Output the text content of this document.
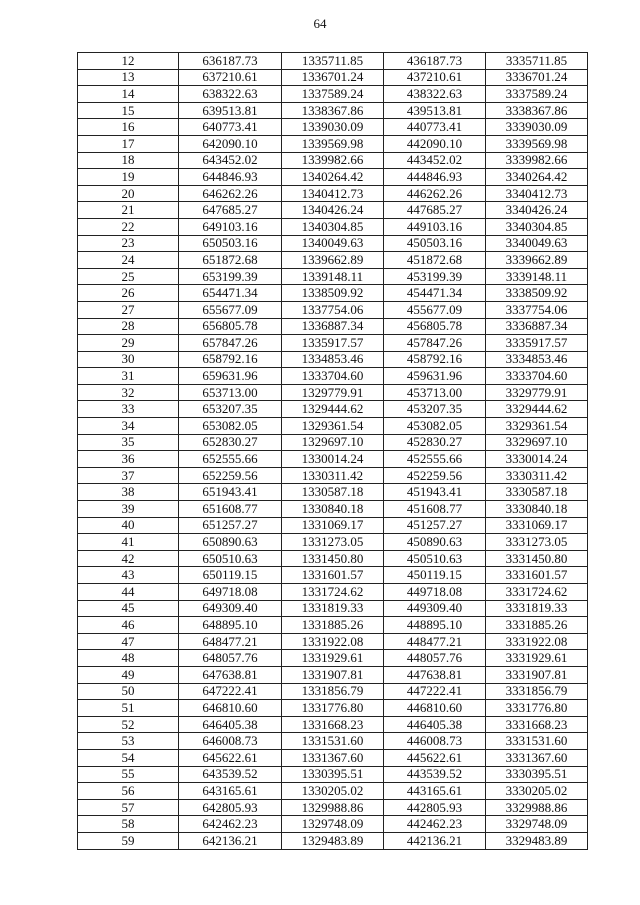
64
12	636187.73	1335711.85	436187.73	3335711.85
13	637210.61	1336701.24	437210.61	3336701.24
14	638322.63	1337589.24	438322.63	3337589.24
15	639513.81	1338367.86	439513.81	3338367.86
16	640773.41	1339030.09	440773.41	3339030.09
17	642090.10	1339569.98	442090.10	3339569.98
18	643452.02	1339982.66	443452.02	3339982.66
19	644846.93	1340264.42	444846.93	3340264.42
20	646262.26	1340412.73	446262.26	3340412.73
21	647685.27	1340426.24	447685.27	3340426.24
22	649103.16	1340304.85	449103.16	3340304.85
23	650503.16	1340049.63	450503.16	3340049.63
24	651872.68	1339662.89	451872.68	3339662.89
25	653199.39	1339148.11	453199.39	3339148.11
26	654471.34	1338509.92	454471.34	3338509.92
27	655677.09	1337754.06	455677.09	3337754.06
28	656805.78	1336887.34	456805.78	3336887.34
29	657847.26	1335917.57	457847.26	3335917.57
30	658792.16	1334853.46	458792.16	3334853.46
31	659631.96	1333704.60	459631.96	3333704.60
32	653713.00	1329779.91	453713.00	3329779.91
33	653207.35	1329444.62	453207.35	3329444.62
34	653082.05	1329361.54	453082.05	3329361.54
35	652830.27	1329697.10	452830.27	3329697.10
36	652555.66	1330014.24	452555.66	3330014.24
37	652259.56	1330311.42	452259.56	3330311.42
38	651943.41	1330587.18	451943.41	3330587.18
39	651608.77	1330840.18	451608.77	3330840.18
40	651257.27	1331069.17	451257.27	3331069.17
41	650890.63	1331273.05	450890.63	3331273.05
42	650510.63	1331450.80	450510.63	3331450.80
43	650119.15	1331601.57	450119.15	3331601.57
44	649718.08	1331724.62	449718.08	3331724.62
45	649309.40	1331819.33	449309.40	3331819.33
46	648895.10	1331885.26	448895.10	3331885.26
47	648477.21	1331922.08	448477.21	3331922.08
48	648057.76	1331929.61	448057.76	3331929.61
49	647638.81	1331907.81	447638.81	3331907.81
50	647222.41	1331856.79	447222.41	3331856.79
51	646810.60	1331776.80	446810.60	3331776.80
52	646405.38	1331668.23	446405.38	3331668.23
53	646008.73	1331531.60	446008.73	3331531.60
54	645622.61	1331367.60	445622.61	3331367.60
55	643539.52	1330395.51	443539.52	3330395.51
56	643165.61	1330205.02	443165.61	3330205.02
57	642805.93	1329988.86	442805.93	3329988.86
58	642462.23	1329748.09	442462.23	3329748.09
59	642136.21	1329483.89	442136.21	3329483.89
